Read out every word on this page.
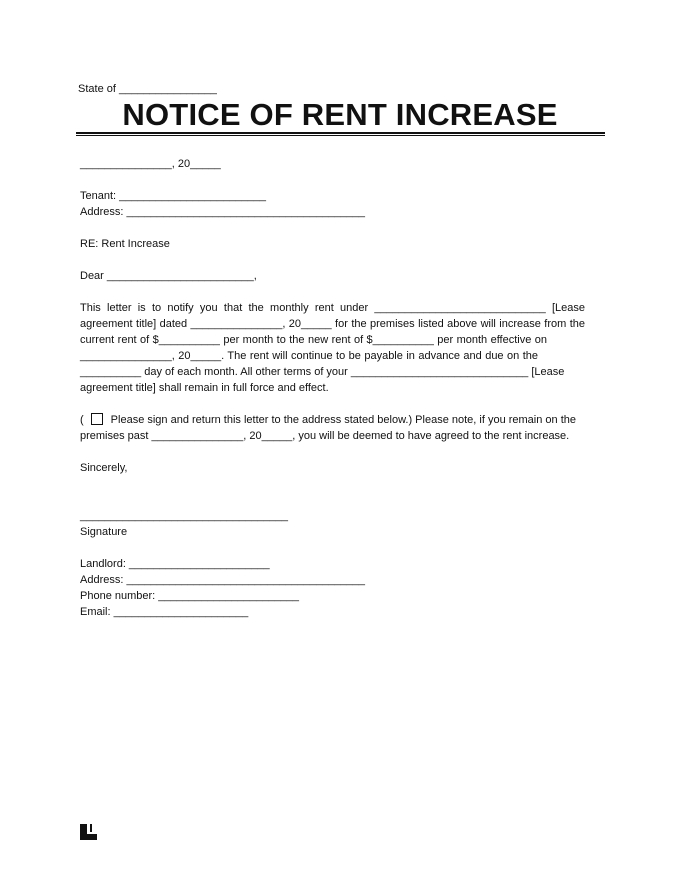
State of ________________
NOTICE OF RENT INCREASE
_______________, 20_____
Tenant: ________________________
Address: _______________________________________
RE: Rent Increase
Dear ________________________,
This letter is to notify you that the monthly rent under ____________________________ [Lease
agreement title] dated _______________, 20_____ for the premises listed above will increase from the
current rent of $__________ per month to the new rent of $__________ per month effective on
_______________, 20_____. The rent will continue to be payable in advance and due on the
__________ day of each month. All other terms of your _____________________________ [Lease
agreement title] shall remain in full force and effect.
( Please sign and return this letter to the address stated below.) Please note, if you remain on the
premises past _______________, 20_____, you will be deemed to have agreed to the rent increase.
Sincerely,
__________________________________
Signature
Landlord: _______________________
Address: _______________________________________
Phone number: _______________________
Email: ______________________
